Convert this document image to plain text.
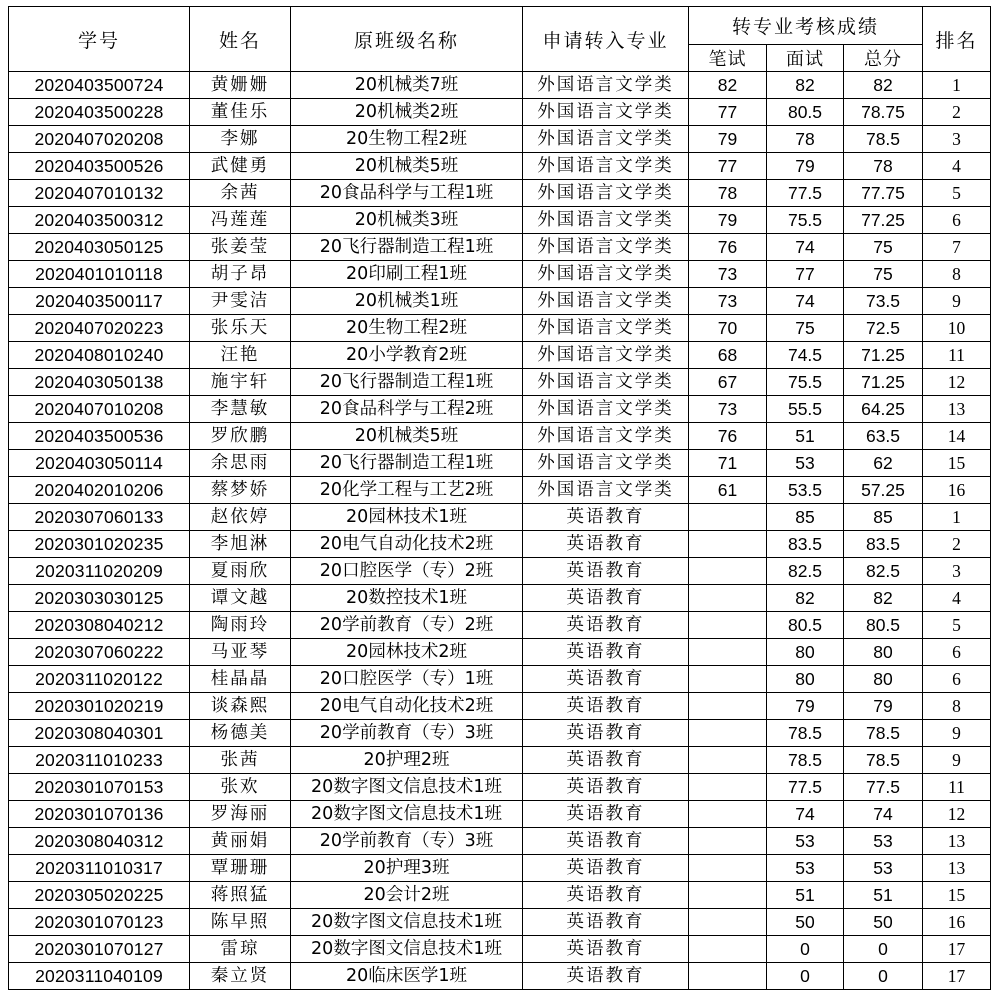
学号	姓名	原班级名称	申请转入专业	转专业考核成绩			排名
				笔试	面试	总分	
2020403500724	黄姗姗	20机械类7班	外国语言文学类	82	82	82	1
2020403500228	董佳乐	20机械类2班	外国语言文学类	77	80.5	78.75	2
2020407020208	李娜	20生物工程2班	外国语言文学类	79	78	78.5	3
2020403500526	武健勇	20机械类5班	外国语言文学类	77	79	78	4
2020407010132	余茜	20食品科学与工程1班	外国语言文学类	78	77.5	77.75	5
2020403500312	冯莲莲	20机械类3班	外国语言文学类	79	75.5	77.25	6
2020403050125	张姜莹	20飞行器制造工程1班	外国语言文学类	76	74	75	7
2020401010118	胡子昂	20印刷工程1班	外国语言文学类	73	77	75	8
2020403500117	尹雯洁	20机械类1班	外国语言文学类	73	74	73.5	9
2020407020223	张乐天	20生物工程2班	外国语言文学类	70	75	72.5	10
2020408010240	汪艳	20小学教育2班	外国语言文学类	68	74.5	71.25	11
2020403050138	施宇轩	20飞行器制造工程1班	外国语言文学类	67	75.5	71.25	12
2020407010208	李慧敏	20食品科学与工程2班	外国语言文学类	73	55.5	64.25	13
2020403500536	罗欣鹏	20机械类5班	外国语言文学类	76	51	63.5	14
2020403050114	余思雨	20飞行器制造工程1班	外国语言文学类	71	53	62	15
2020402010206	蔡梦娇	20化学工程与工艺2班	外国语言文学类	61	53.5	57.25	16
2020307060133	赵依婷	20园林技术1班	英语教育		85	85	1
2020301020235	李旭淋	20电气自动化技术2班	英语教育		83.5	83.5	2
2020311020209	夏雨欣	20口腔医学（专）2班	英语教育		82.5	82.5	3
2020303030125	谭文越	20数控技术1班	英语教育		82	82	4
2020308040212	陶雨玲	20学前教育（专）2班	英语教育		80.5	80.5	5
2020307060222	马亚琴	20园林技术2班	英语教育		80	80	6
2020311020122	桂晶晶	20口腔医学（专）1班	英语教育		80	80	6
2020301020219	谈森熙	20电气自动化技术2班	英语教育		79	79	8
2020308040301	杨德美	20学前教育（专）3班	英语教育		78.5	78.5	9
2020311010233	张茜	20护理2班	英语教育		78.5	78.5	9
2020301070153	张欢	20数字图文信息技术1班	英语教育		77.5	77.5	11
2020301070136	罗海丽	20数字图文信息技术1班	英语教育		74	74	12
2020308040312	黄丽娟	20学前教育（专）3班	英语教育		53	53	13
2020311010317	覃珊珊	20护理3班	英语教育		53	53	13
2020305020225	蒋照猛	20会计2班	英语教育		51	51	15
2020301070123	陈早照	20数字图文信息技术1班	英语教育		50	50	16
2020301070127	雷琼	20数字图文信息技术1班	英语教育		0	0	17
2020311040109	秦立贤	20临床医学1班	英语教育		0	0	17
